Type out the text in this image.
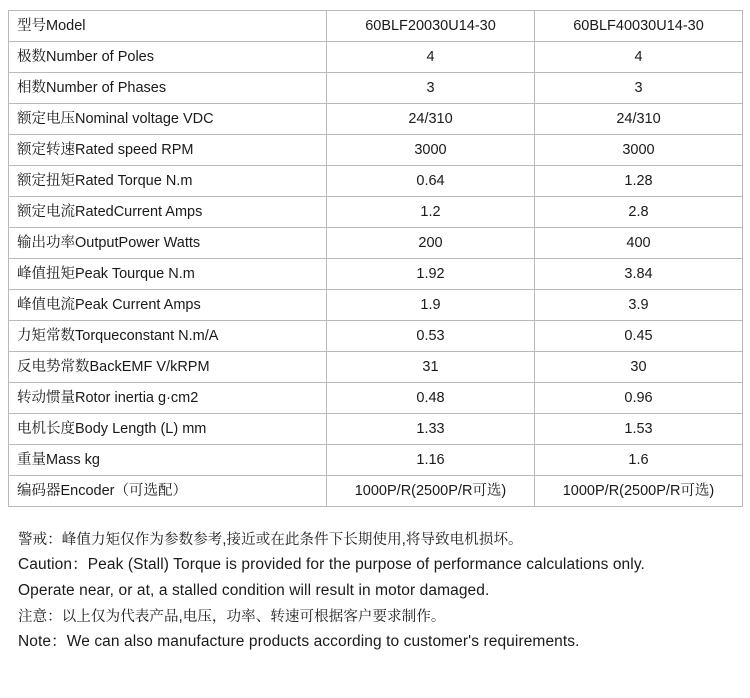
型号Model	60BLF20030U14-30	60BLF40030U14-30
极数Number of Poles	4	4
相数Number of Phases	3	3
额定电压Nominal voltage VDC	24/310	24/310
额定转速Rated speed RPM	3000	3000
额定扭矩Rated Torque N.m	0.64	1.28
额定电流RatedCurrent Amps	1.2	2.8
输出功率OutputPower Watts	200	400
峰值扭矩Peak Tourque N.m	1.92	3.84
峰值电流Peak Current Amps	1.9	3.9
力矩常数Torqueconstant N.m/A	0.53	0.45
反电势常数BackEMF V/kRPM	31	30
转动惯量Rotor inertia g·cm2	0.48	0.96
电机长度Body Length (L) mm	1.33	1.53
重量Mass kg	1.16	1.6
编码器Encoder（可选配）	1000P/R(2500P/R可选)	1000P/R(2500P/R可选)
警戒：峰值力矩仅作为参数参考,接近或在此条件下长期使用,将导致电机损坏。
Caution：Peak (Stall) Torque is provided for the purpose of performance calculations only.
Operate near, or at, a stalled condition will result in motor damaged.
注意：以上仅为代表产品,电压，功率、转速可根据客户要求制作。
Note：We can also manufacture products according to customer's requirements.
